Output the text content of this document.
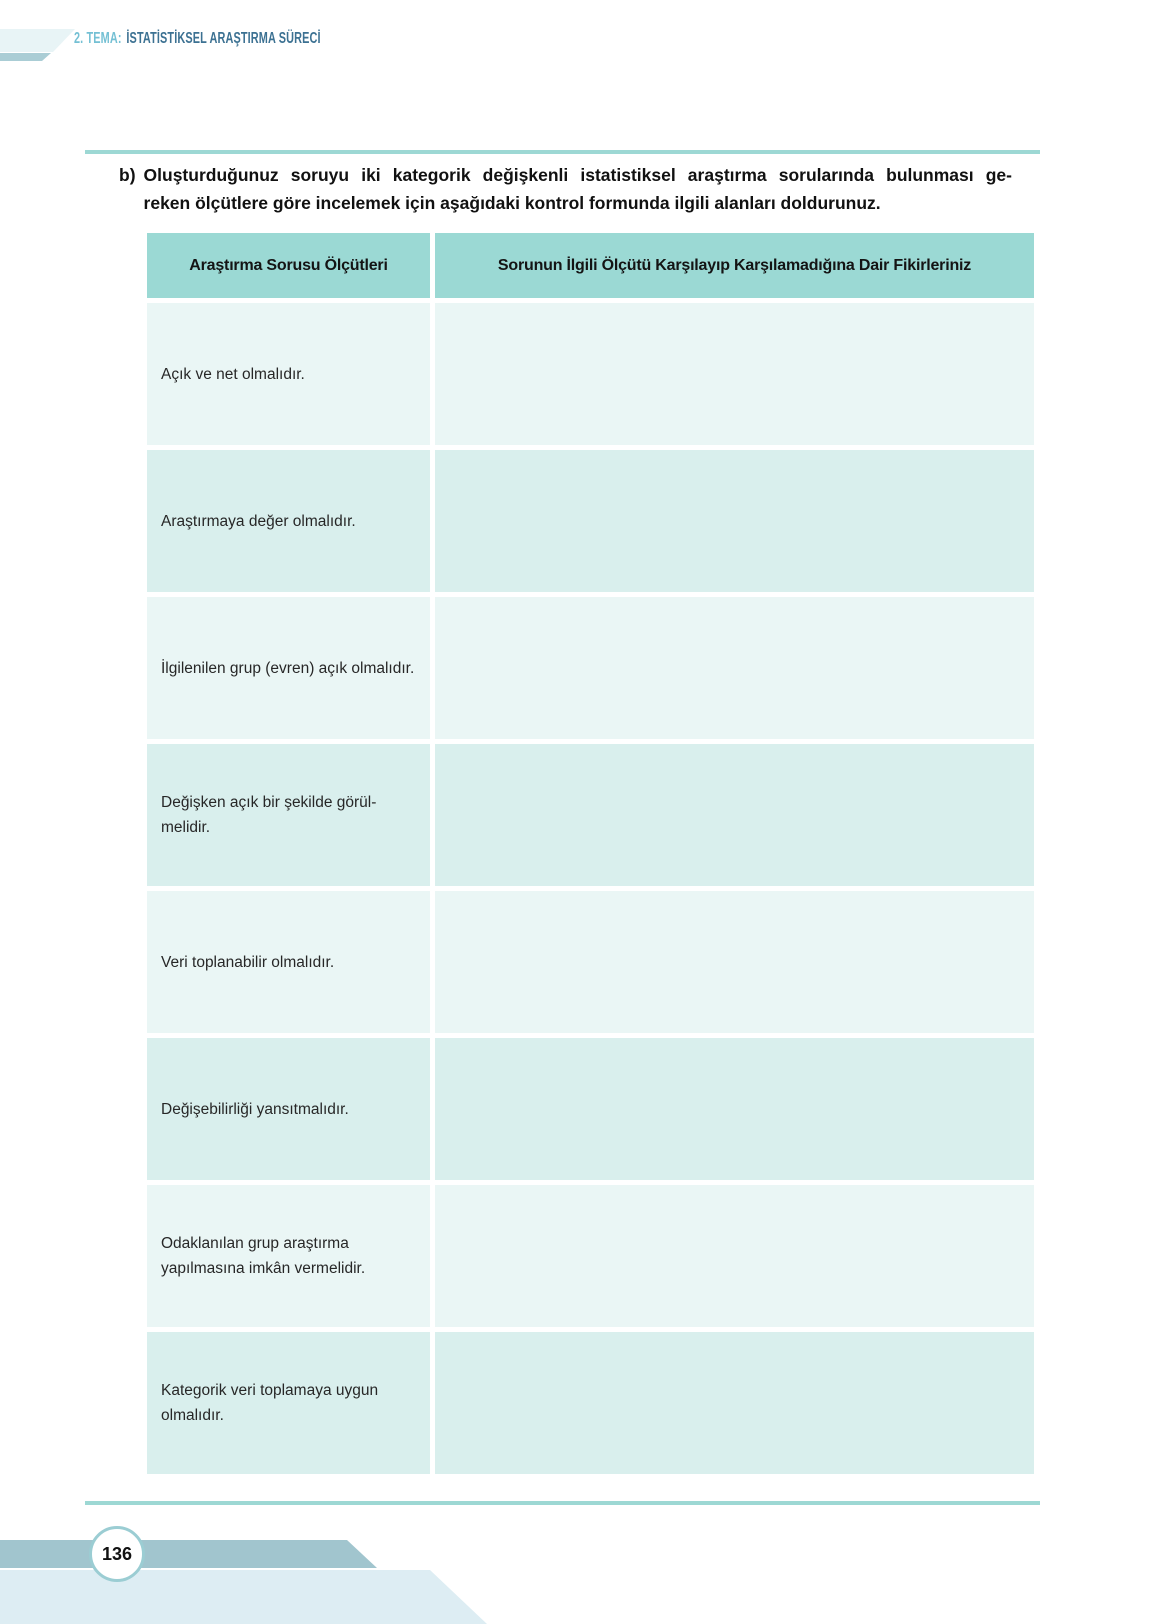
2. TEMA: İSTATİSTİKSEL ARAŞTIRMA SÜRECİ
b) Oluşturduğunuz soruyu iki kategorik değişkenli istatistiksel araştırma sorularında bulunması ge-
reken ölçütlere göre incelemek için aşağıdaki kontrol formunda ilgili alanları doldurunuz.
Araştırma Sorusu Ölçütleri	Sorunun İlgili Ölçütü Karşılayıp Karşılamadığına Dair Fikirleriniz
Açık ve net olmalıdır.
Araştırmaya değer olmalıdır.
İlgilenilen grup (evren) açık olmalıdır.
Değişken açık bir şekilde görülmelidir.
Veri toplanabilir olmalıdır.
Değişebilirliği yansıtmalıdır.
Odaklanılan grup araştırma yapılmasına imkân vermelidir.
Kategorik veri toplamaya uygun olmalıdır.
136
